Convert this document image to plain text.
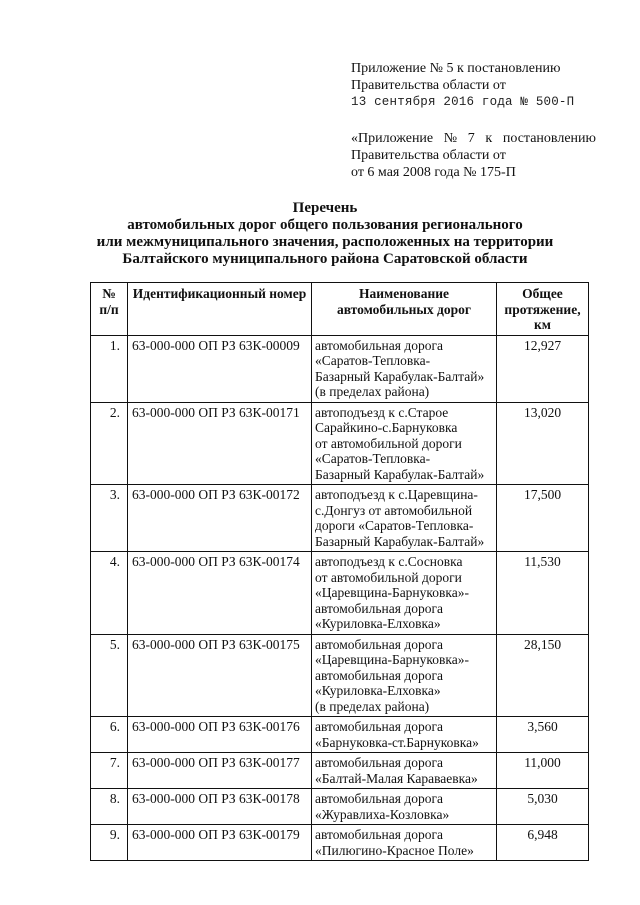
Приложение № 5 к постановлению
Правительства области от
13 сентября 2016 года № 500-П
«Приложение № 7 к постановлению
Правительства области от
от 6 мая 2008 года № 175-П
Перечень
автомобильных дорог общего пользования регионального
или межмуниципального значения, расположенных на территории
Балтайского муниципального района Саратовской области
№
п/п	Идентификационный номер	Наименование автомобильных дорог	Общее протяжение, км
1.	63-000-000 ОП РЗ 63К-00009	автомобильная дорога
«Саратов-Тепловка-
Базарный Карабулак-Балтай»
(в пределах района)	12,927
2.	63-000-000 ОП РЗ 63К-00171	автоподъезд к с.Старое
Сарайкино-с.Барнуковка
от автомобильной дороги
«Саратов-Тепловка-
Базарный Карабулак-Балтай»	13,020
3.	63-000-000 ОП РЗ 63К-00172	автоподъезд к с.Царевщина-
с.Донгуз от автомобильной
дороги «Саратов-Тепловка-
Базарный Карабулак-Балтай»	17,500
4.	63-000-000 ОП РЗ 63К-00174	автоподъезд к с.Сосновка
от автомобильной дороги
«Царевщина-Барнуковка»-
автомобильная дорога
«Куриловка-Елховка»	11,530
5.	63-000-000 ОП РЗ 63К-00175	автомобильная дорога
«Царевщина-Барнуковка»-
автомобильная дорога
«Куриловка-Елховка»
(в пределах района)	28,150
6.	63-000-000 ОП РЗ 63К-00176	автомобильная дорога
«Барнуковка-ст.Барнуковка»	3,560
7.	63-000-000 ОП РЗ 63К-00177	автомобильная дорога
«Балтай-Малая Караваевка»	11,000
8.	63-000-000 ОП РЗ 63К-00178	автомобильная дорога
«Журавлиха-Козловка»	5,030
9.	63-000-000 ОП РЗ 63К-00179	автомобильная дорога
«Пилюгино-Красное Поле»	6,948
